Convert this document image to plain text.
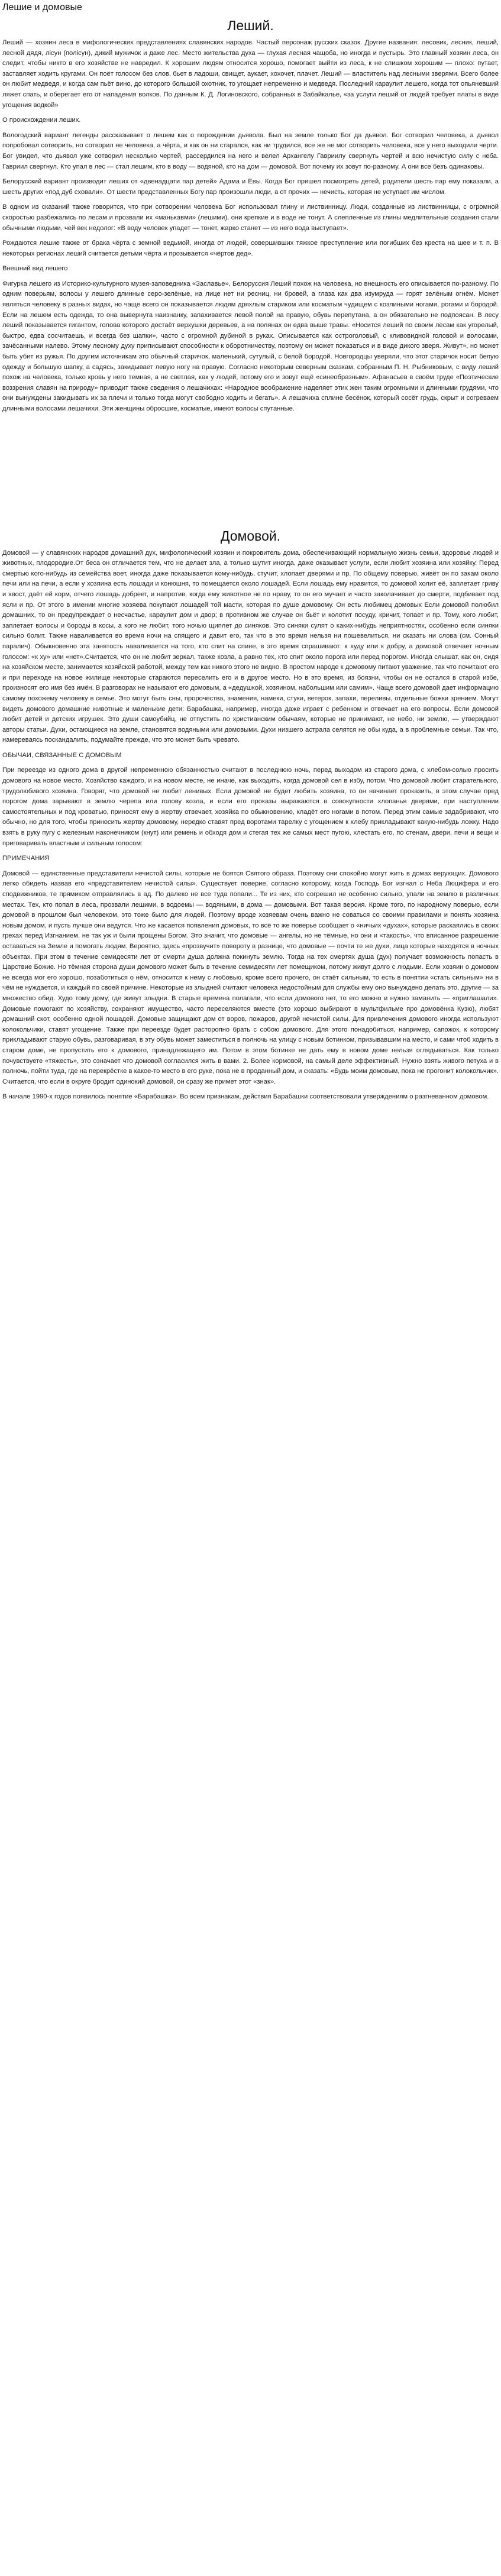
Лешие и домовые
Леший.

Леший — хозяин леса в мифологических представлениях славянских народов. Частый персонаж русских сказок. Другие названия: лесовик, лесник, леший, лесной дядя, лісун (полісун), дикий мужичок и даже лес. Место жительства духа — глухая лесная чащоба, но иногда и пустырь. Это главный хозяин леса, он следит, чтобы никто в его хозяйстве не навредил. К хорошим людям относится хорошо, помогает выйти из леса, к не слишком хорошим — плохо: путает, заставляет ходить кругами. Он поёт голосом без слов, бьет в ладоши, свищет, аукает, хохочет, плачет. Леший — властитель над лесными зверями. Всего более он любит медведя, и когда сам пьёт вино, до которого большой охотник, то угощает непременно и медведя. Последний караулит лешего, когда тот опьяневший ляжет спать, и оберегает его от нападения волков. По данным К. Д. Логиновского, собранных в Забайкалье, «за услуги леший от людей требует платы в виде угощения водкой»

О происхождении леших.

Вологодский вариант легенды рассказывает о лешем как о порождении дьявола. Был на земле только Бог да дьявол. Бог сотворил человека, а дьявол попробовал сотворить, но сотворил не человека, а чёрта, и как он ни старался, как ни трудился, все же не мог сотворить человека, все у него выходили черти. Бог увидел, что дьявол уже сотворил несколько чертей, рассердился на него и велел Архангелу Гавриилу свергнуть чертей и всю нечистую силу с неба. Гавриил свергнул. Кто упал в лес — стал лешим, кто в воду — водяной, кто на дом — домовой. Вот почему их зовут по-разному. А они все безъ одинаковы.

Белорусский вариант производит леших от «двенадцати пар детей» Адама и Евы. Когда Бог пришел посмотреть детей, родители шесть пар ему показали, а шесть других «под дуб сховали». От шести представленных Богу пар произошли люди, а от прочих — нечисть, которая не уступает им числом.

В одном из сказаний также говорится, что при сотворении человека Бог использовал глину и листвинницу. Люди, созданные из листвинницы, с огромной скоростью разбежались по лесам и прозвали их «манькавми» (лешими), они крепкие и в воде не тонут. А слепленные из глины медлительные создания стали обычными людьми, чей век недолог: «В воду человек упадет — тонет, жарко станет — из него вода выступает».

Рождаются лешие также от брака чёрта с земной ведьмой, иногда от людей, совершивших тяжкое преступление или погибших без креста на шее и т. п. В некоторых регионах леший считается детьми чёрта и прозывается «чёртов дед».

Внешний вид лешего

Фигурка лешего из Историко-культурного музея-заповедника «Заславье», Белоруссия Леший похож на человека, но внешность его описывается по-разному. По одним поверьям, волосы у лешего длинные серо-зелёные, на лице нет ни ресниц, ни бровей, а глаза как два изумруда — горят зелёным огнём. Может являться человеку в разных видах, но чаще всего он показывается людям дряхлым стариком или косматым чудищем с козлиными ногами, рогами и бородой. Если на лешем есть одежда, то она вывернута наизнанку, запахивается левой полой на правую, обувь перепутана, а он обязательно не подпоясан. В лесу леший показывается гигантом, голова которого достаёт верхушки деревьев, а на полянах он едва выше травы. «Носится леший по своим лесам как угорелый, быстро, едва сосчитаешь, и всегда без шапки», часто с огромной дубиной в руках. Описывается как остроголовый, с кливовидной головой и волосами, зачёсанными налево. Этому лесному духу приписывают способности к оборотничеству, поэтому он может показаться и в виде дикого зверя. Живут», но может быть убит из ружья. По другим источникам это обычный старичок, маленький, сутулый, с белой бородой. Новгородцы уверяли, что этот старичок носит белую одежду и большую шапку, а садясь, закидывает левую ногу на правую. Согласно некоторым северным сказкам, собранным П. Н. Рыбниковым, с виду леший похож на человека, только кровь у него темная, а не светлая, как у людей, потому его и зовут ещё «синеобразным». Афанасьев в своём труде «Поэтические воззрения славян на природу» приводит также сведения о лешачихах: «Народное воображение наделяет этих жен таким огромными и длинными грудями, что они вынуждены закидывать их за плечи и только тогда могут свободно ходить и бегать». А лешачиха сплине бесёнок, который сосёт грудь, скрыт и согреваем длинными волосами лешачихи. Эти женщины обросшие, косматые, имеют волосы спутанные.

Домовой.

Домовой — у славянских народов домашний дух, мифологический хозяин и покровитель дома, обеспечивающий нормальную жизнь семьи, здоровье людей и животных, плодородие.От беса он отличается тем, что не делает зла, а только шутит иногда, даже оказывает услуги, если любит хозяина или хозяйку. Перед смертью кого-нибудь из семейства воет, иногда даже показывается кому-нибудь, стучит, хлопает дверями и пр. По общему поверью, живёт он по закам около печи или на печи, а если у хозяина есть лошади и конюшня, то помещается около лошадей. Если лошадь ему нравится, то домовой холит её, заплетает гриву и хвост, даёт ей корм, отчего лошадь добреет, и напротив, когда ему животное не по нраву, то он его мучает и часто заколачивает до смерти, подбивает под ясли и пр. От этого в имении многие хозяева покупают лошадей той масти, которая по душе домовому. Он есть любимец домовых Если домовой полюбил домашних, то он предупреждает о несчастье, караулит дом и двор; в противном же случае он бьёт и колотит посуду, кричит, топает и пр. Тому, кого любит, заплетает волосы и бороды в косы, а кого не любит, того ночью щиплет до синяков. Это синяки сулят о каких-нибудь неприятностях, особенно если синяки сильно болит. Также наваливается во время ночи на спящего и давит его, так что в это время нельзя ни пошевелиться, ни сказать ни слова (см. Сонный паралич). Обыкновенно эта занятость наваливается на того, кто спит на спине, в это время спрашивают: к худу или к добру, а домовой отвечает ночным голосом: «к ху» или «нет».Считается, что он не любит зеркал, также козла, а равно тех, кто спит около порога или перед порогом. Иногда слышат, как он, сидя на хозяйском месте, занимается хозяйской работой, между тем как никого этого не видно. В простом народе к домовому питают уважение, так что почитают его и при переходе на новое жилище некоторые стараются переселить его и в другое место. Но в это время, из боязни, чтобы он не остался в старой избе, произносят его имя без имён. В разговорах не называют его домовым, а «дедушкой, хозяином, набольшим или самим». Чаще всего домовой дает информацию самому похожему человеку в семье. Это могут быть сны, пророчества, знамения, намеки, стуки, ветерок, запахи, переливы, отдельные божки зрением. Могут видеть домового домашние животные и маленькие дети: Барабашка, например, иногда даже играет с ребенком и отвечает на его вопросы. Если домовой любит детей и детских игрушек. Это души самоубийц, не отпустить по христианским обычаям, которые не принимают, не небо, ни землю, — утверждают авторы статьи. Духи, остающиеся на земле, становятся водяными или домовыми. Духи низшего астрала селятся не обы куда, а в проблемные семьи. Так что, намереваясь поскандалить, подумайте прежде, что это может быть чревато.

ОБЫЧАИ, СВЯЗАННЫЕ С ДОМОВЫМ

При переезде из одного дома в другой непременною обязанностью считают в последнюю ночь, перед выходом из старого дома, с хлебом-солью просить домового на новое место. Хозяйство каждого, и на новом месте, не иначе, как выходить, когда домовой сел в избу, потом. Что домовой любит старательного, трудолюбивого хозяина. Говорят, что домовой не любит ленивых. Если домовой не будет любить хозяина, то он начинает проказить, в этом случае пред порогом дома зарывают в землю черепа или голову козла, и если его проказы выражаются в совокупности хлопанья дверями, при наступлении самостоятельных и под кроватью, приносят ему в жертву отвечает, хозяйка по обыкновению, кладёт его ногами в потом. Перед этим самые задабривают, что обычно, но для того, чтобы приносить жертву домовому, нередко ставят пред воротами тарелку с угощением к хлебу прикладывают какую-нибудь ложку. Надо взять в руку пугу с железным наконечником (кнут) или ремень и обходя дом и стегая тех же самых мест пугою, хлестать его, по стенам, двери, печи и вещи и приговаривать властным и сильным голосом:

ПРИМЕЧАНИЯ

Домовой — единственные представители нечистой силы, которые не боятся Святого образа. Поэтому они спокойно могут жить в домах верующих. Домового легко обидеть назвав его «представителем нечистой силы». Существует поверие, согласно которому, когда Господь Бог изгнал с Неба Люцифера и его сподвижников, те прямиком отправлялись в ад. По далеко не все туда попали... Те из них, кто согрешил не особенно сильно, упали на землю в различных местах. Тех, кто попал в леса, прозвали лешими, в водоемы — водяными, в дома — домовыми. Вот такая версия. Кроме того, по народному поверью, если домовой в прошлом был человеком, это тоже было для людей. Поэтому вроде хозяевам очень важно не соваться со своими правилами и понять хозяина новым домом, и пусть лучше они ведутся. Что же касается появления домовых, то всё то же поверье сообщает о «ничьих «духах», которые раскаялись в своих грехах перед Изгнанием, не так уж и были прощены Богом. Это значит, что домовые — ангелы, но не тёмные, но они и «такость», что вписанное разрешение оставаться на Земле и помогать людям. Вероятно, здесь «прозвучит» повороту в разнице, что домовые — почти те же духи, лица которые находятся в ночных объектах. При этом в течение семидесяти лет от смерти душа должна покинуть землю. Тогда на тех смертях душа (дух) получает возможность попасть в Царствие Божие. Но тёмная сторона души домового может быть в течение семидесяти лет помещиком, потому живут долго с людьми. Если хозяин о домовом не всегда мог его хорошо, позаботиться о нём, относится к нему с любовью, кроме всего прочего, он стаёт сильным, то есть в понятии «стать сильным» ни в чём не нуждается, и каждый по своей причине. Некоторые из злыдней считают человека недостойным для службы ему оно вынуждено делать это, другие — за множество обид. Худо тому дому, где живут злыдни. В старые времена полагали, что если домового нет, то его можно и нужно заманить — «приглашали». Домовые помогают по хозяйству, сохраняют имущество, часто переселяются вместе (это хорошо выбирают в мультфильме про домовёнка Кузю), любят домашний скот, особенно одной лошадей. Домовые защищают дом от воров, пожаров, другой нечистой силы. Для привлечения домового иногда используют колокольчики, ставят угощение. Также при переезде будет расторопно брать с собою домового. Для этого понадобиться, например, сапожок, к которому прикладывают старую обувь, разговаривая, в эту обувь может заместиться в полночь на улицу с новым ботинком, призывавшим на место, и сами чтоб ходить в старом доме, не пропустить его к домового, принадлежащего им. Потом в этом ботинке не дать ему в новом доме нельзя оглядываться. Как только почувствуете «тяжесть», это означает что домовой согласился жить в вами. 2. Более кормовой, на самый деле эффективный. Нужно взять живого петуха и в полночь, пойти туда, где на перекрёстке в какое-то место в его руке, пока не в проданный дом, и сказать: «Будь моим домовым, пока не прогонит колокольчик». Считается, что если в округе бродит одинокий домовой, он сразу же примет этот «знак».

В начале 1990-х годов появилось понятие «Барабашка». Во всем признакам, действия Барабашки соответствовали утверждениям о разгневанном домовом.
